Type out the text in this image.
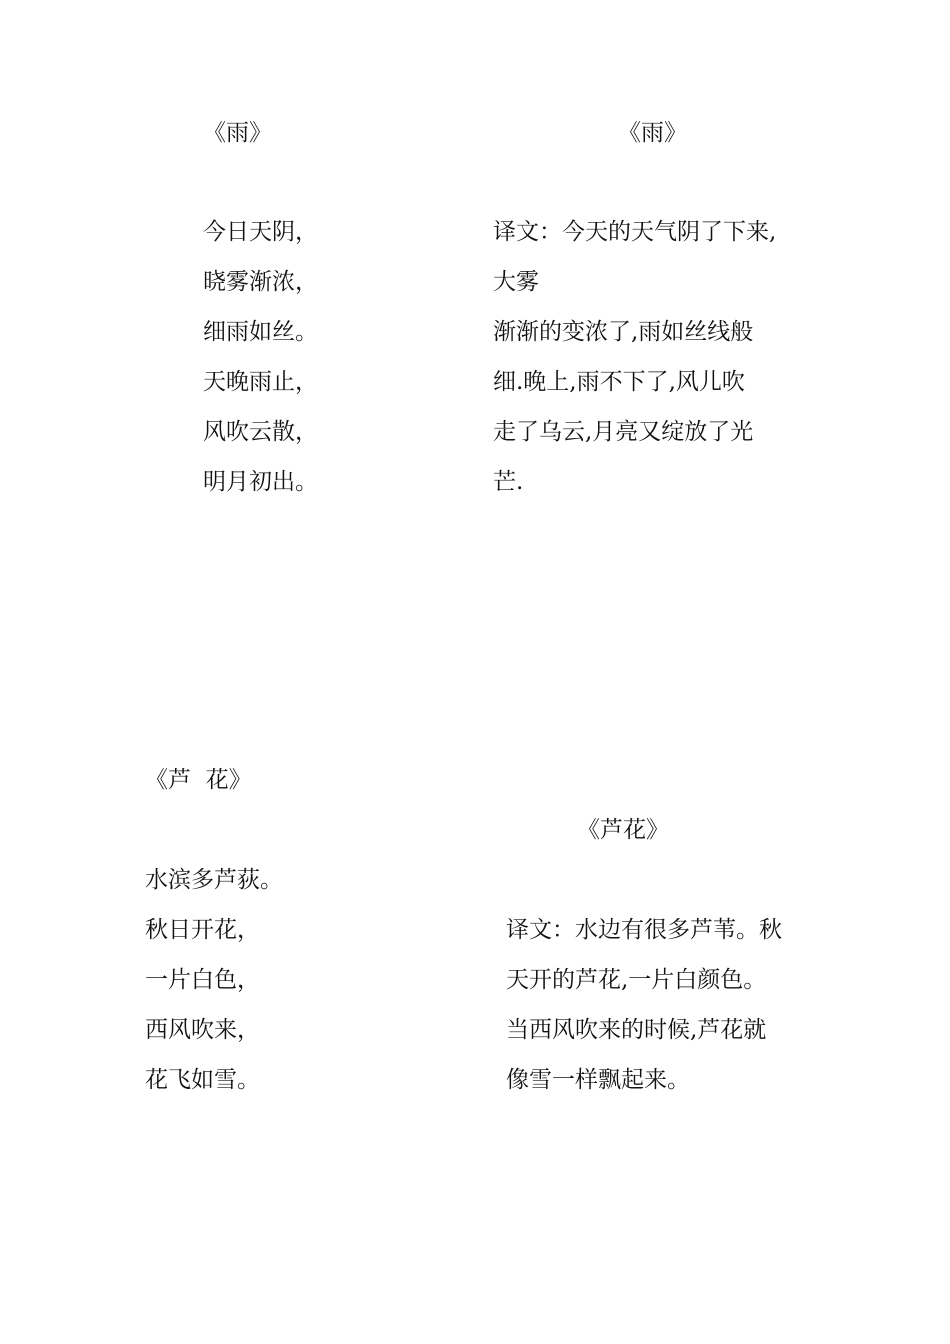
《雨》
今日天阴，
晓雾渐浓，
细雨如丝。
天晚雨止，
风吹云散，
明月初出。
《雨》
译文：今天的天气阴了下来,
大雾
渐渐的变浓了,雨如丝线般
细.晚上,雨不下了,风儿吹
走了乌云,月亮又绽放了光
芒.
《芦  花》
水滨多芦荻。
秋日开花，
一片白色，
西风吹来，
花飞如雪。
《芦花》
译文：水边有很多芦苇。秋
天开的芦花,一片白颜色。
当西风吹来的时候,芦花就
像雪一样飘起来。
